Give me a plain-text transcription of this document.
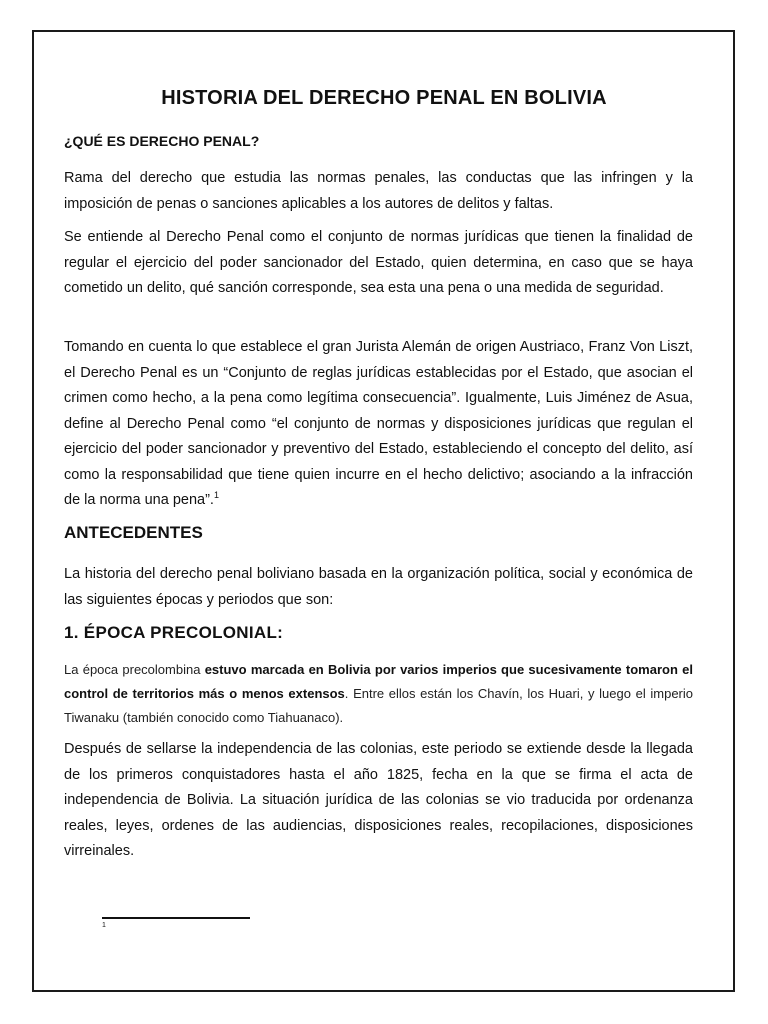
HISTORIA DEL DERECHO PENAL EN BOLIVIA
¿QUÉ ES DERECHO PENAL?
Rama del derecho que estudia las normas penales, las conductas que las infringen y la imposición de penas o sanciones aplicables a los autores de delitos y faltas.
Se entiende al Derecho Penal como el conjunto de normas jurídicas que tienen la finalidad de regular el ejercicio del poder sancionador del Estado, quien determina, en caso que se haya cometido un delito, qué sanción corresponde, sea esta una pena o una medida de seguridad.
Tomando en cuenta lo que establece el gran Jurista Alemán de origen Austriaco, Franz Von Liszt, el Derecho Penal es un “Conjunto de reglas jurídicas establecidas por el Estado, que asocian el crimen como hecho, a la pena como legítima consecuencia”. Igualmente, Luis Jiménez de Asua, define al Derecho Penal como “el conjunto de normas y disposiciones jurídicas que regulan el ejercicio del poder sancionador y preventivo del Estado, estableciendo el concepto del delito, así como la responsabilidad que tiene quien incurre en el hecho delictivo; asociando a la infracción de la norma una pena”.$^1$
ANTECEDENTES
La historia del derecho penal boliviano basada en la organización política, social y económica de las siguientes épocas y periodos que son:
1. ÉPOCA PRECOLONIAL:
La época precolombina estuvo marcada en Bolivia por varios imperios que sucesivamente tomaron el control de territorios más o menos extensos. Entre ellos están los Chavín, los Huari, y luego el imperio Tiwanaku (también conocido como Tiahuanaco).
Después de sellarse la independencia de las colonias, este periodo se extiende desde la llegada de los primeros conquistadores hasta el año 1825, fecha en la que se firma el acta de independencia de Bolivia. La situación jurídica de las colonias se vio traducida por ordenanza reales, leyes, ordenes de las audiencias, disposiciones reales, recopilaciones, disposiciones virreinales.
1
